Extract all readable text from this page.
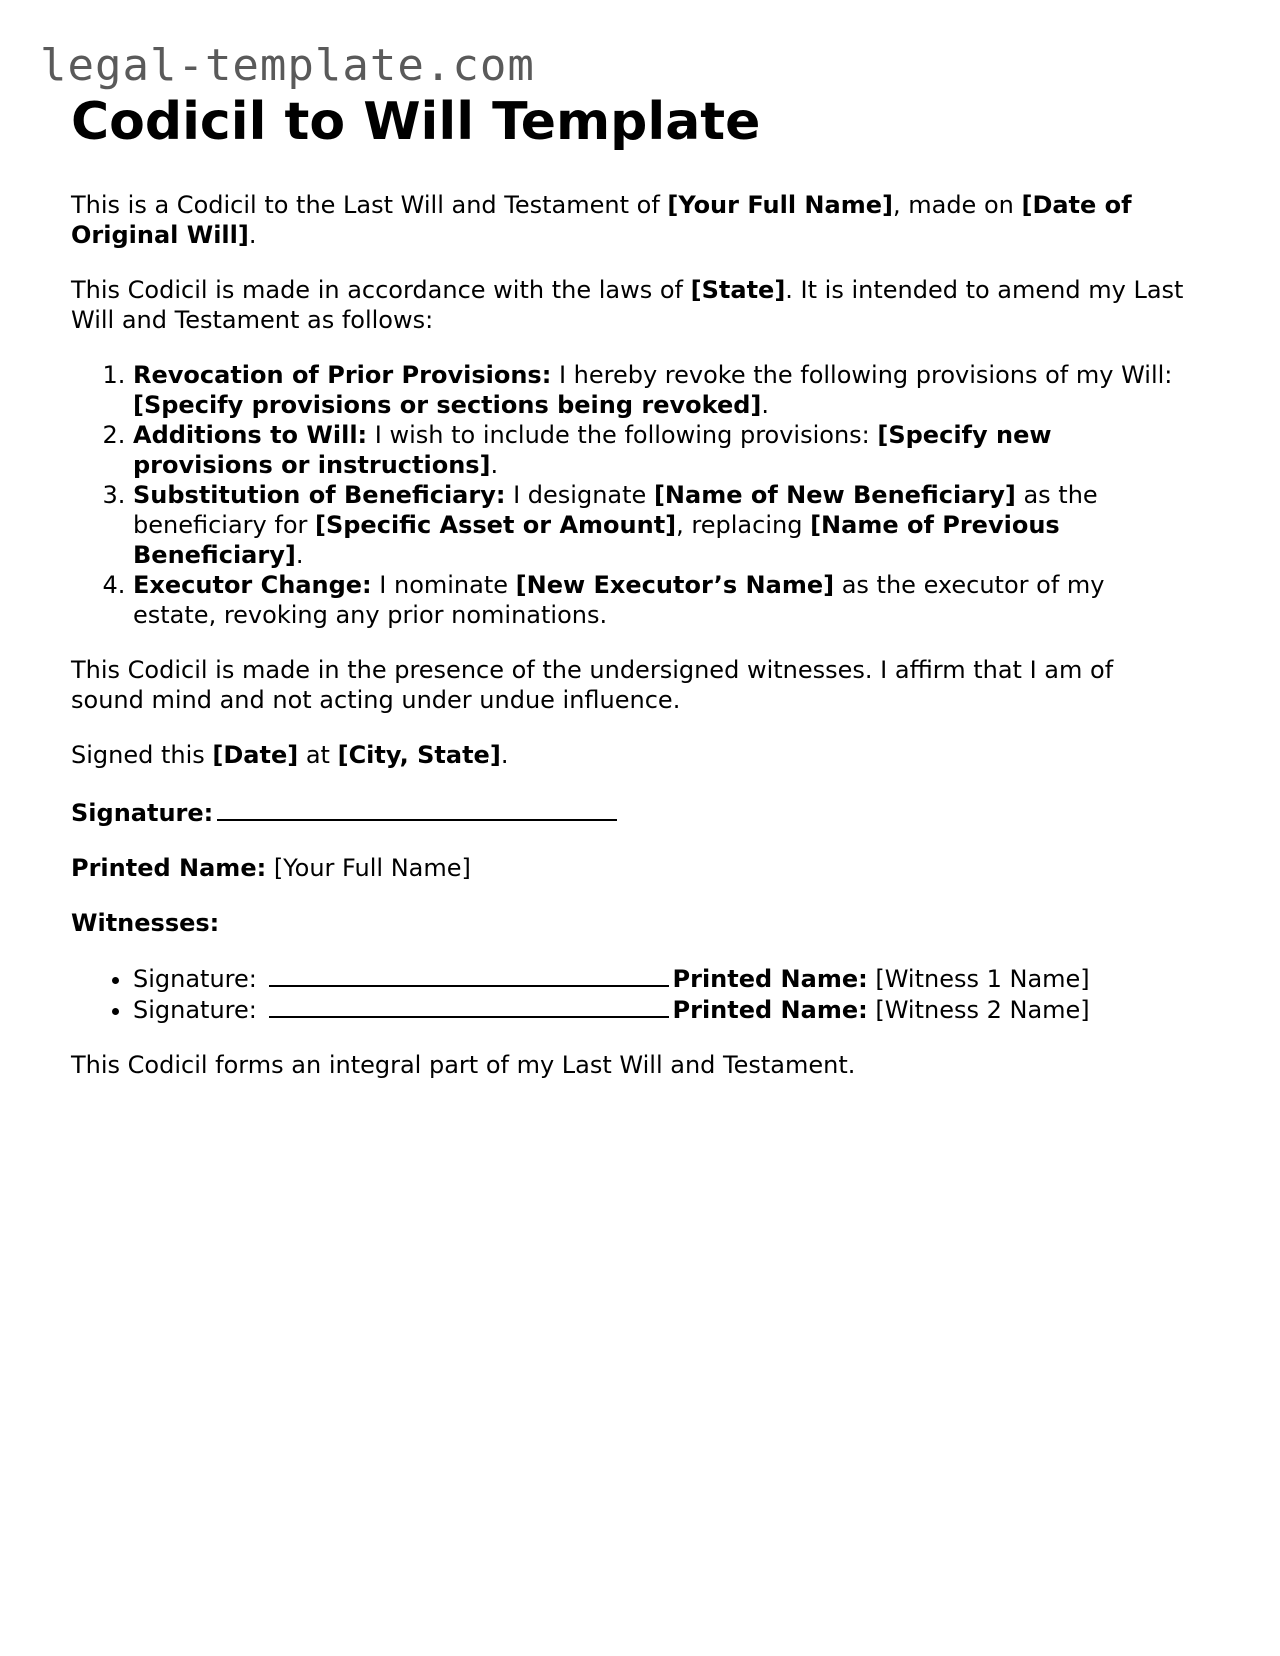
legal-template.com

Codicil to Will Template

This is a Codicil to the Last Will and Testament of [Your Full Name], made on [Date of Original Will].

This Codicil is made in accordance with the laws of [State]. It is intended to amend my Last Will and Testament as follows:

1. Revocation of Prior Provisions: I hereby revoke the following provisions of my Will: [Specify provisions or sections being revoked].
2. Additions to Will: I wish to include the following provisions: [Specify new provisions or instructions].
3. Substitution of Beneficiary: I designate [Name of New Beneficiary] as the beneficiary for [Specific Asset or Amount], replacing [Name of Previous Beneficiary].
4. Executor Change: I nominate [New Executor’s Name] as the executor of my estate, revoking any prior nominations.

This Codicil is made in the presence of the undersigned witnesses. I affirm that I am of sound mind and not acting under undue influence.

Signed this [Date] at [City, State].

Signature:

Printed Name: [Your Full Name]

Witnesses:

• Signature:	Printed Name: [Witness 1 Name]
• Signature:	Printed Name: [Witness 2 Name]

This Codicil forms an integral part of my Last Will and Testament.
